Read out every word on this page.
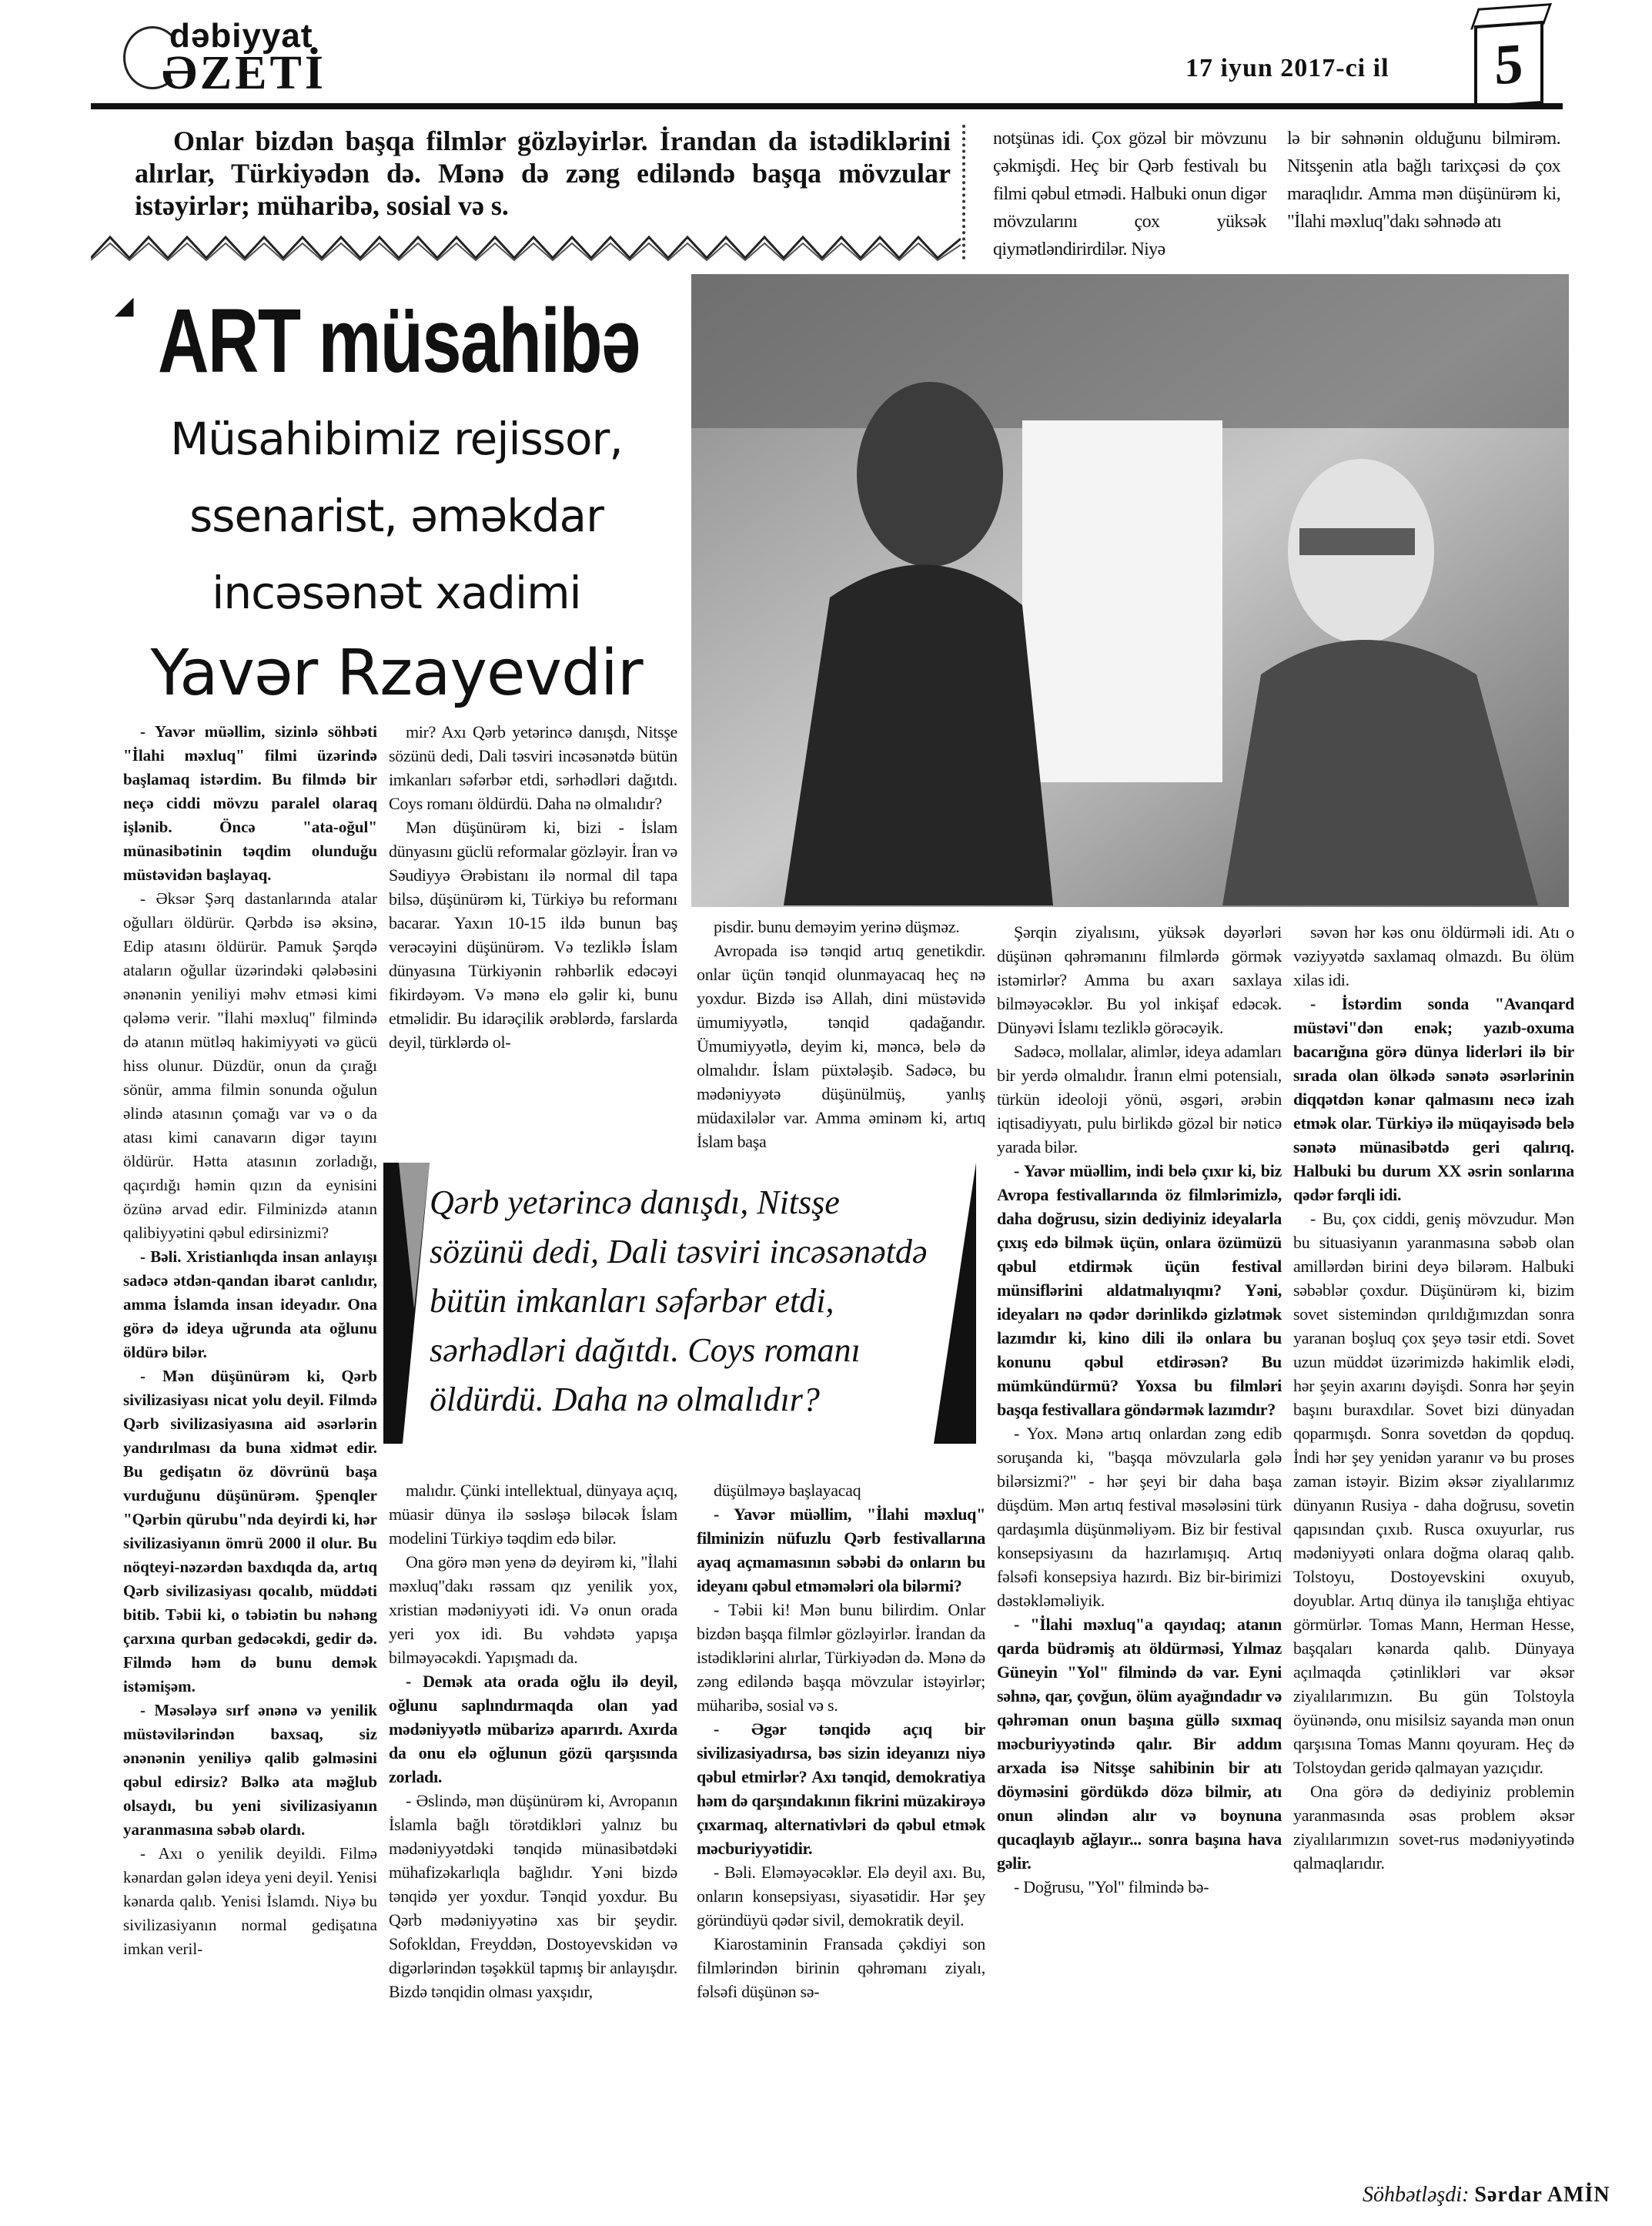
dəbiyyat
ƏZETİ	17 iyun 2017-ci il	5
Onlar bizdən başqa filmlər gözləyirlər. İrandan da istədiklərini alırlar, Türkiyədən də. Mənə də zəng ediləndə başqa mövzular istəyirlər; müharibə, sosial və s.
notşünas idi. Çox gözəl bir mövzunu çəkmişdi. Heç bir Qərb festivalı bu filmi qəbul etmədi. Halbuki onun digər mövzularını çox yüksək qiymətləndirirdilər. Niyə
lə bir səhnənin olduğunu bilmirəm. Nitsşenin atla bağlı tarixçəsi də çox maraqlıdır. Amma mən düşünürəm ki, "İlahi məxluq"dakı səhnədə atı
◢ ART müsahibə
Müsahibimiz rejissor,
ssenarist, əməkdar
incəsənət xadimi
Yavər Rzayevdir

- Yavər müəllim, sizinlə söhbəti "İlahi məxluq" filmi üzərində başlamaq istərdim. Bu filmdə bir neçə ciddi mövzu paralel olaraq işlənib. Öncə "ata-oğul" münasibətinin təqdim olunduğu müstəvidən başlayaq.

- Əksər Şərq dastanlarında atalar oğulları öldürür. Qərbdə isə əksinə, Edip atasını öldürür. Pamuk Şərqdə ataların oğullar üzərindəki qələbəsini ənənənin yeniliyi məhv etməsi kimi qələmə verir. "İlahi məxluq" filmində də atanın mütləq hakimiyyəti və gücü hiss olunur. Düzdür, onun da çırağı sönür, amma filmin sonunda oğulun əlində atasının çomağı var və o da atası kimi canavarın digər tayını öldürür. Hətta atasının zorladığı, qaçırdığı həmin qızın da eynisini özünə arvad edir. Filminizdə atanın qalibiyyətini qəbul edirsinizmi?

- Bəli. Xristianlıqda insan anlayışı sadəcə ətdən-qandan ibarət canlıdır, amma İslamda insan ideyadır. Ona görə də ideya uğrunda ata oğlunu öldürə bilər.

- Mən düşünürəm ki, Qərb sivilizasiyası nicat yolu deyil. Filmdə Qərb sivilizasiyasına aid əsərlərin yandırılması da buna xidmət edir. Bu gedişatın öz dövrünü başa vurduğunu düşünürəm. Şpenqler "Qərbin qürubu"nda deyirdi ki, hər sivilizasiyanın ömrü 2000 il olur. Bu nöqteyi-nəzərdən baxdıqda da, artıq Qərb sivilizasiyası qocalıb, müddəti bitib. Təbii ki, o təbiətin bu nəhəng çarxına qurban gedəcəkdi, gedir də. Filmdə həm də bunu demək istəmişəm.

- Məsələyə sırf ənənə və yenilik müstəvilərindən baxsaq, siz ənənənin yeniliyə qalib gəlməsini qəbul edirsiz? Bəlkə ata məğlub olsaydı, bu yeni sivilizasiyanın yaranmasına səbəb olardı.

- Axı o yenilik deyildi. Filmə kənardan gələn ideya yeni deyil. Yenisi kənarda qalıb. Yenisi İslamdı. Niyə bu sivilizasiyanın normal gedişatına imkan veril-

mir? Axı Qərb yetərincə danışdı, Nitsşe sözünü dedi, Dali təsviri incəsənətdə bütün imkanları səfərbər etdi, sərhədləri dağıtdı. Coys romanı öldürdü. Daha nə olmalıdır?

Mən düşünürəm ki, bizi - İslam dünyasını güclü reformalar gözləyir. İran və Səudiyyə Ərəbistanı ilə normal dil tapa bilsə, düşünürəm ki, Türkiyə bu reformanı bacarar. Yaxın 10-15 ildə bunun baş verəcəyini düşünürəm. Və tezliklə İslam dünyasına Türkiyənin rəhbərlik edəcəyi fikirdəyəm. Və mənə elə gəlir ki, bunu etməlidir. Bu idarəçilik ərəblərdə, farslarda deyil, türklərdə ol-

pisdir. bunu deməyim yerinə düşməz.

Avropada isə tənqid artıq genetikdir. onlar üçün tənqid olunmayacaq heç nə yoxdur. Bizdə isə Allah, dini müstəvidə ümumiyyətlə, tənqid qadağandır. Ümumiyyətlə, deyim ki, məncə, belə də olmalıdır. İslam püxtələşib. Sadəcə, bu mədəniyyətə düşünülmüş, yanlış müdaxilələr var. Amma əminəm ki, artıq İslam başa

Qərb yetərincə danışdı, Nitsşe sözünü dedi, Dali təsviri incəsənətdə bütün imkanları səfərbər etdi, sərhədləri dağıtdı. Coys romanı öldürdü. Daha nə olmalıdır?

malıdır. Çünki intellektual, dünyaya açıq, müasir dünya ilə səsləşə biləcək İslam modelini Türkiyə təqdim edə bilər.

Ona görə mən yenə də deyirəm ki, "İlahi məxluq"dakı rəssam qız yenilik yox, xristian mədəniyyəti idi. Və onun orada yeri yox idi. Bu vəhdətə yapışa bilməyəcəkdi. Yapışmadı da.

- Demək ata orada oğlu ilə deyil, oğlunu saplındırmaqda olan yad mədəniyyətlə mübarizə aparırdı. Axırda da onu elə oğlunun gözü qarşısında zorladı.

- Əslində, mən düşünürəm ki, Avropanın İslamla bağlı törətdikləri yalnız bu mədəniyyətdəki tənqidə münasibətdəki mühafizəkarlıqla bağlıdır. Yəni bizdə tənqidə yer yoxdur. Tənqid yoxdur. Bu Qərb mədəniyyətinə xas bir şeydir. Sofokldan, Freyddən, Dostoyevskidən və digərlərindən təşəkkül tapmış bir anlayışdır. Bizdə tənqidin olması yaxşıdır,

düşülməyə başlayacaq

- Yavər müəllim, "İlahi məxluq" filminizin nüfuzlu Qərb festivallarına ayaq açmamasının səbəbi də onların bu ideyanı qəbul etməmələri ola bilərmi?

- Təbii ki! Mən bunu bilirdim. Onlar bizdən başqa filmlər gözləyirlər. İrandan da istədiklərini alırlar, Türkiyədən də. Mənə də zəng ediləndə başqa mövzular istəyirlər; müharibə, sosial və s.

- Əgər tənqidə açıq bir sivilizasiyadırsa, bəs sizin ideyanızı niyə qəbul etmirlər? Axı tənqid, demokratiya həm də qarşındakının fikrini müzakirəyə çıxarmaq, alternativləri də qəbul etmək məcburiyyətidir.

- Bəli. Eləməyəcəklər. Elə deyil axı. Bu, onların konsepsiyası, siyasətidir. Hər şey göründüyü qədər sivil, demokratik deyil.

Kiarostaminin Fransada çəkdiyi son filmlərindən birinin qəhrəmanı ziyalı, fəlsəfi düşünən sə-

Şərqin ziyalısını, yüksək dəyərləri düşünən qəhrəmanını filmlərdə görmək istəmirlər? Amma bu axarı saxlaya bilməyəcəklər. Bu yol inkişaf edəcək. Dünyəvi İslamı tezliklə görəcəyik.

Sadəcə, mollalar, alimlər, ideya adamları bir yerdə olmalıdır. İranın elmi potensialı, türkün ideoloji yönü, əsgəri, ərəbin iqtisadiyyatı, pulu birlikdə gözəl bir nəticə yarada bilər.

- Yavər müəllim, indi belə çıxır ki, biz Avropa festivallarında öz filmlərimizlə, daha doğrusu, sizin dediyiniz ideyalarla çıxış edə bilmək üçün, onlara özümüzü qəbul etdirmək üçün festival münsiflərini aldatmalıyıqmı? Yəni, ideyaları nə qədər dərinlikdə gizlətmək lazımdır ki, kino dili ilə onlara bu konunu qəbul etdirəsən? Bu mümkündürmü? Yoxsa bu filmləri başqa festivallara göndərmək lazımdır?

- Yox. Mənə artıq onlardan zəng edib soruşanda ki, "başqa mövzularla gələ bilərsizmi?" - hər şeyi bir daha başa düşdüm. Mən artıq festival məsələsini türk qardaşımla düşünməliyəm. Biz bir festival konsepsiyasını da hazırlamışıq. Artıq fəlsəfi konsepsiya hazırdı. Biz bir-birimizi dəstəkləməliyik.

- "İlahi məxluq"a qayıdaq; atanın qarda büdrəmiş atı öldürməsi, Yılmaz Güneyin "Yol" filmində də var. Eyni səhnə, qar, çovğun, ölüm ayağındadır və qəhrəman onun başına güllə sıxmaq məcburiyyətində qalır. Bir addım arxada isə Nitsşe sahibinin bir atı döyməsini gördükdə dözə bilmir, atı onun əlindən alır və boynuna qucaqlayıb ağlayır... sonra başına hava gəlir.

- Doğrusu, "Yol" filmində bə-

səvən hər kəs onu öldürməli idi. Atı o vəziyyətdə saxlamaq olmazdı. Bu ölüm xilas idi.

- İstərdim sonda "Avanqard müstəvi"dən enək; yazıb-oxuma bacarığına görə dünya liderləri ilə bir sırada olan ölkədə sənətə əsərlərinin diqqətdən kənar qalmasını necə izah etmək olar. Türkiyə ilə müqayisədə belə sənətə münasibətdə geri qalırıq. Halbuki bu durum XX əsrin sonlarına qədər fərqli idi.

- Bu, çox ciddi, geniş mövzudur. Mən bu situasiyanın yaranmasına səbəb olan amillərdən birini deyə bilərəm. Halbuki səbəblər çoxdur. Düşünürəm ki, bizim sovet sistemindən qırıldığımızdan sonra yaranan boşluq çox şeyə təsir etdi. Sovet uzun müddət üzərimizdə hakimlik elədi, hər şeyin axarını dəyişdi. Sonra hər şeyin başını buraxdılar. Sovet bizi dünyadan qoparmışdı. Sonra sovetdən də qopduq. İndi hər şey yenidən yaranır və bu proses zaman istəyir. Bizim əksər ziyalılarımız dünyanın Rusiya - daha doğrusu, sovetin qapısından çıxıb. Rusca oxuyurlar, rus mədəniyyəti onlara doğma olaraq qalıb. Tolstoyu, Dostoyevskini oxuyub, doyublar. Artıq dünya ilə tanışlığa ehtiyac görmürlər. Tomas Mann, Herman Hesse, başqaları kənarda qalıb. Dünyaya açılmaqda çətinlikləri var əksər ziyalılarımızın. Bu gün Tolstoyla öyünəndə, onu misilsiz sayanda mən onun qarşısına Tomas Mannı qoyuram. Heç də Tolstoydan geridə qalmayan yazıçıdır.

Ona görə də dediyiniz problemin yaranmasında əsas problem əksər ziyalılarımızın sovet-rus mədəniyyətində qalmaqlarıdır.

Söhbətləşdi: Sərdar AMİN
